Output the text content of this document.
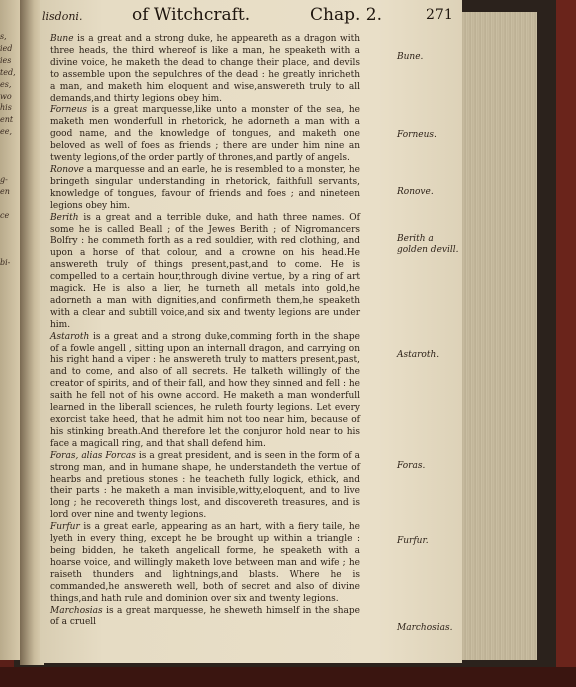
s,
ied
ies
ted,
es,
wo
his
ent
ee,
g-
en
ce
bi-
lisdoni.	of Witchcraft.	Chap. 2.	271

Bune is a great and a strong duke, he appeareth as a dragon with three heads, the third whereof is like a man, he speaketh with a divine voice, he maketh the dead to change their place, and devils to assemble upon the sepulchres of the dead : he greatly inricheth a man, and maketh him eloquent and wise,answereth truly to all demands,and thirty legions obey him.

Forneus is a great marquesse,like unto a monster of the sea, he maketh men wonderfull in rhetorick, he adorneth a man with a good name, and the knowledge of tongues, and maketh one beloved as well of foes as friends ; there are under him nine an twenty legions,of the order partly of thrones,and partly of angels.

Ronove a marquesse and an earle, he is resembled to a monster, he bringeth singular understanding in rhetorick, faithfull servants, knowledge of tongues, favour of friends and foes ; and nineteen legions obey him.

Berith is a great and a terrible duke, and hath three names. Of some he is called Beall ; of the Jewes Berith ; of Nigromancers Bolfry : he commeth forth as a red souldier, with red clothing, and upon a horse of that colour, and a crowne on his head.He answereth truly of things present,past,and to come. He is compelled to a certain hour,through divine vertue, by a ring of art magick. He is also a lier, he turneth all metals into gold,he adorneth a man with dignities,and confirmeth them,he speaketh with a clear and subtill voice,and six and twenty legions are under him.

Astaroth is a great and a strong duke,comming forth in the shape of a fowle angell , sitting upon an internall dragon, and carrying on his right hand a viper : he answereth truly to matters present,past, and to come, and also of all secrets. He talketh willingly of the creator of spirits, and of their fall, and how they sinned and fell : he saith he fell not of his owne accord. He maketh a man wonderfull learned in the liberall sciences, he ruleth fourty legions. Let every exorcist take heed, that he admit him not too near him, because of his stinking breath.And therefore let the conjuror hold near to his face a magicall ring, and that shall defend him.

Foras, alias Forcas is a great president, and is seen in the form of a strong man, and in humane shape, he understandeth the vertue of hearbs and pretious stones : he teacheth fully logick, ethick, and their parts : he maketh a man invisible,witty,eloquent, and to live long ; he recovereth things lost, and discovereth treasures, and is lord over nine and twenty legions.

Furfur is a great earle, appearing as an hart, with a fiery taile, he lyeth in every thing, except he be brought up within a triangle : being bidden, he taketh angelicall forme, he speaketh with a hoarse voice, and willingly maketh love between man and wife ; he raiseth thunders and lightnings,and blasts. Where he is commanded,he answereth well, both of secret and also of divine things,and hath rule and dominion over six and twenty legions.

Marchosias is a great marquesse, he sheweth himself in the shape of a cruell

Bune.
Forneus.
Ronove.
Berith a golden devill.
Astaroth.
Foras.
Furfur.
Marchosias.
